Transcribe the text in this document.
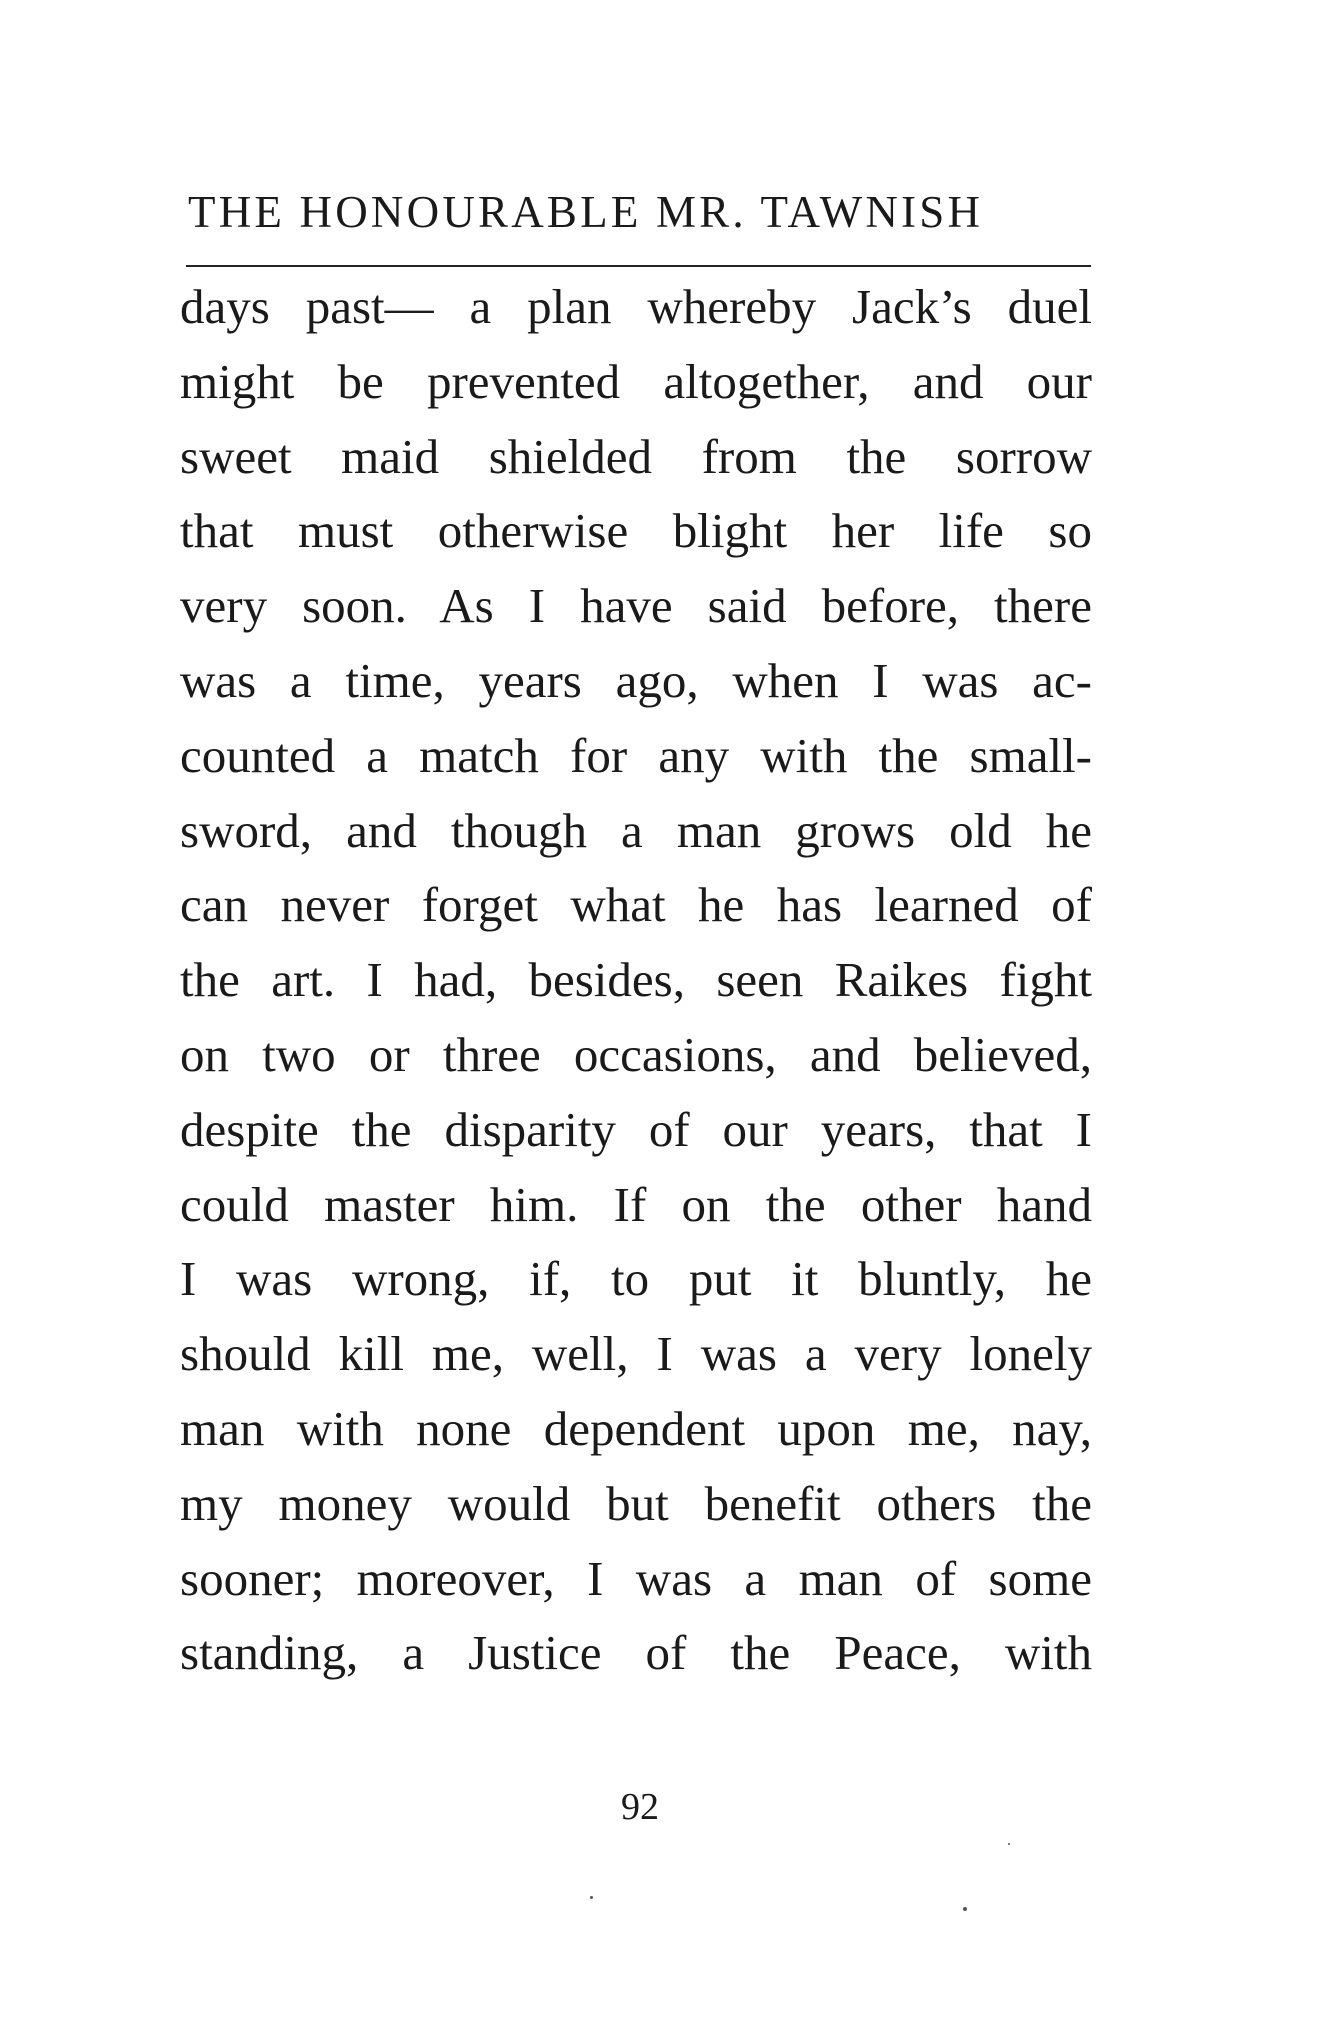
THE HONOURABLE MR. TAWNISH
days past— a plan whereby Jack’s duel
might be prevented altogether, and our
sweet maid shielded from the sorrow
that must otherwise blight her life so
very soon. As I have said before, there
was a time, years ago, when I was ac-
counted a match for any with the small-
sword, and though a man grows old he
can never forget what he has learned of
the art. I had, besides, seen Raikes fight
on two or three occasions, and believed,
despite the disparity of our years, that I
could master him. If on the other hand
I was wrong, if, to put it bluntly, he
should kill me, well, I was a very lonely
man with none dependent upon me, nay,
my money would but benefit others the
sooner; moreover, I was a man of some
standing, a Justice of the Peace, with
92
